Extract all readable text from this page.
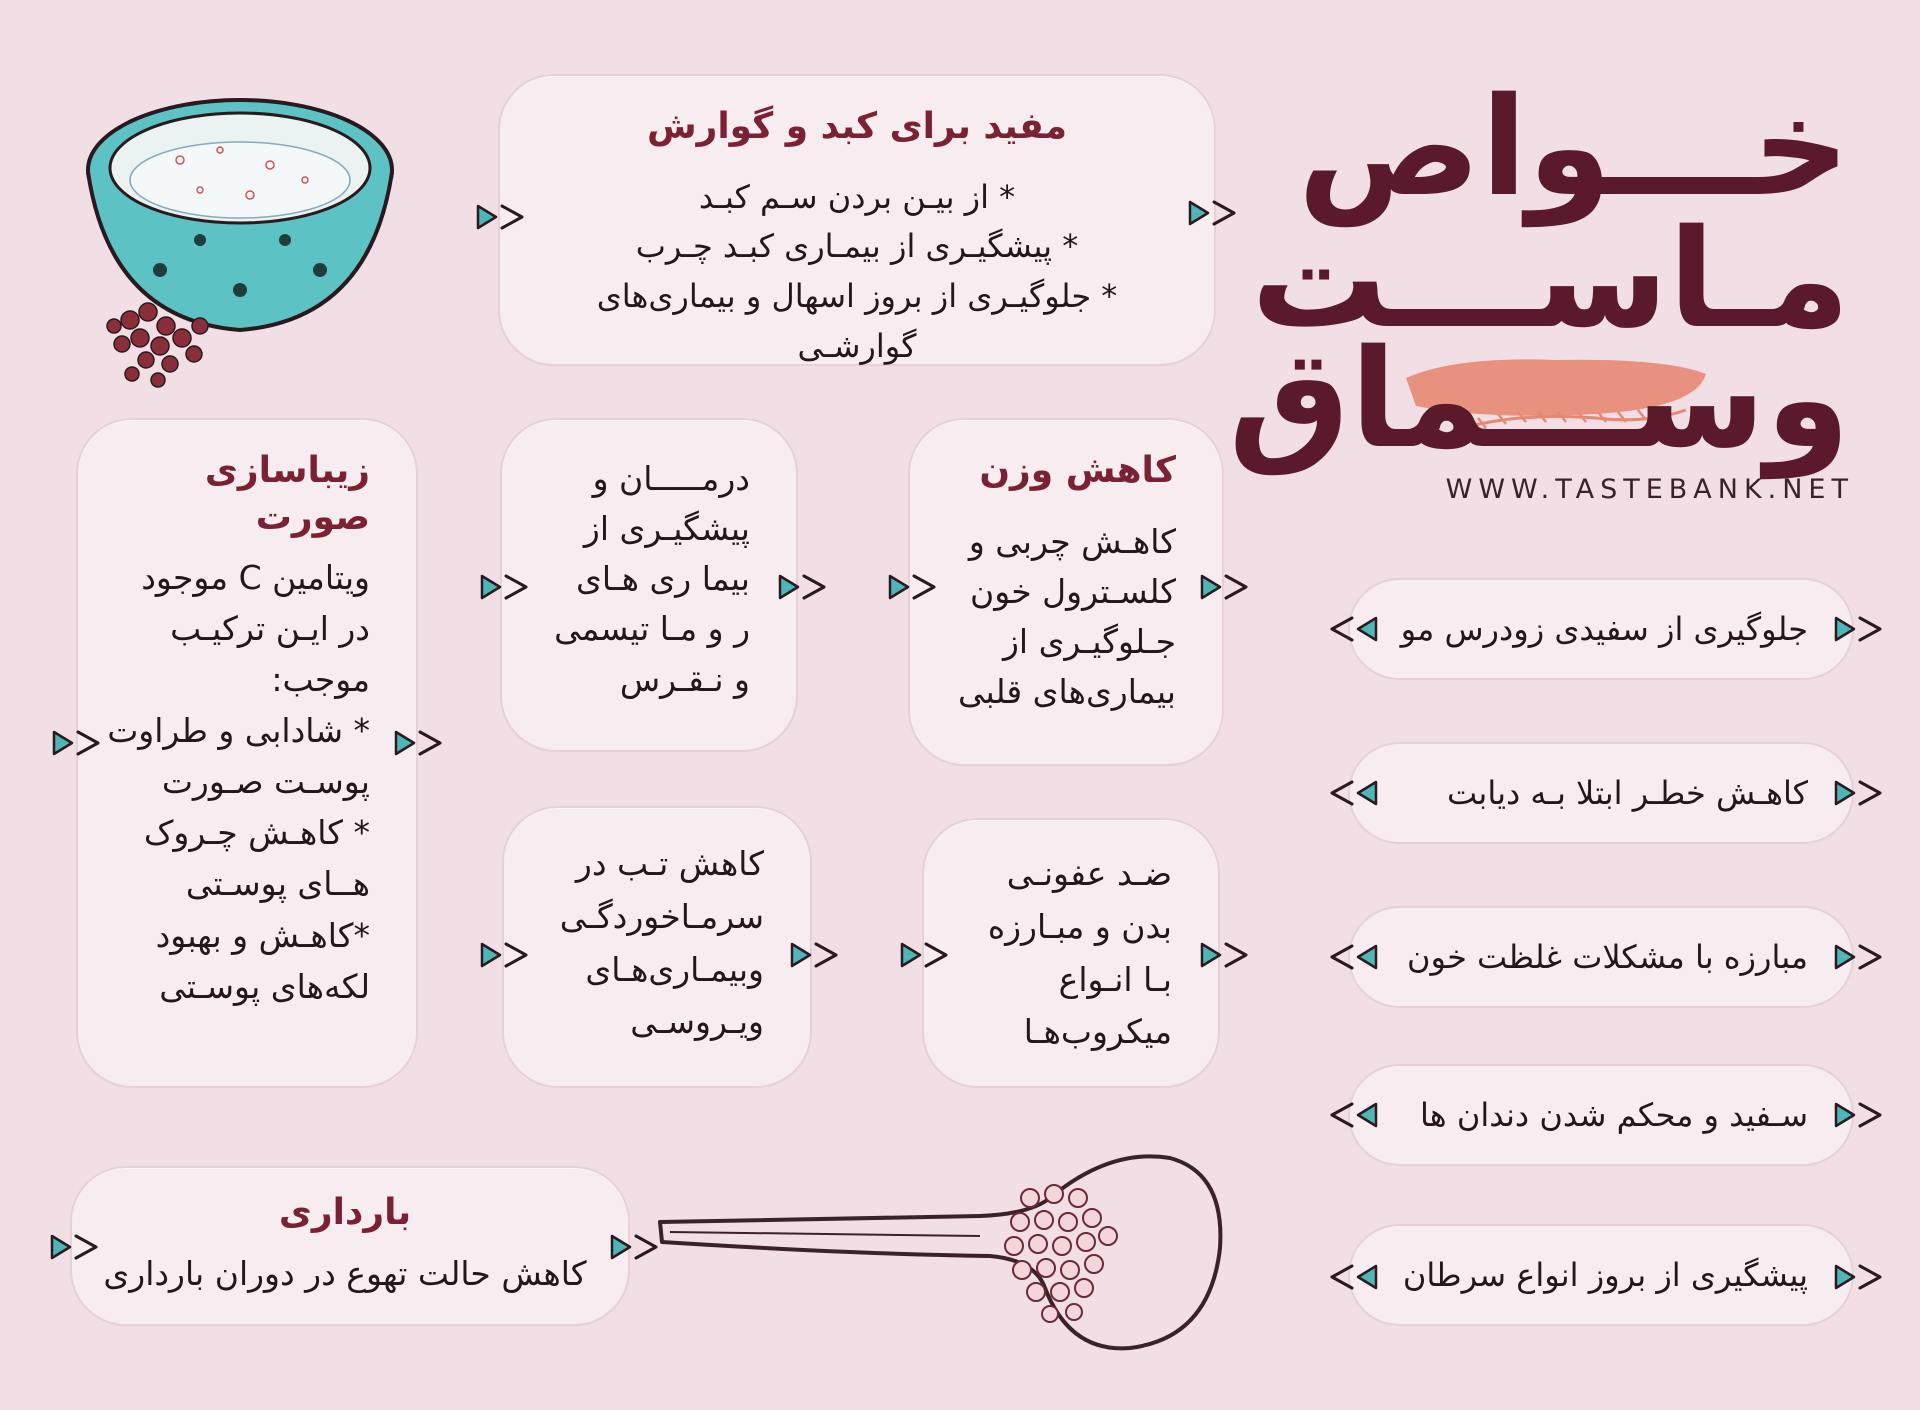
خـــواص
مـاســـت
وســـماق
WWW.TASTEBANK.NET
مفید برای کبد و گوارش
* از بیـن بردن سـم کبـد
* پیشگیـری از بیمـاری کبـد چـرب
* جلوگیـری از بروز اسهال و بیماری‌های گوارشـی
کاهش وزن
کاهـش چربی و
کلسـترول خون
جـلوگیـری از
بیماری‌های قلبی
درمـــــان و
پیشگیـری از
بیما ری هـای
ر و مـا تیسمی
و نـقـرس
زیباسازی صورت
ویتامین C موجود
در ایـن ترکیـب
موجب:
* شادابی و طراوت
پوسـت صـورت
* کاهـش چـروک
هــای پوسـتی
*کاهـش و بهبود
لکه‌های پوسـتی
ضـد عفونـی
بدن و مبـارزه
بـا انـواع
میکروب‌هـا
کاهش تـب در
سرمـاخوردگـی
وبیمـاری‌هـای
ویـروسـی
بارداری
کاهش حالت تهوع در دوران بارداری
جلوگیری از سفیدی زودرس مو
کاهـش خطـر ابتلا بـه دیابت
مبارزه با مشکلات غلظت خون
سـفید و محکم شدن دندان ها
پیشگیری از بروز انواع سرطان
